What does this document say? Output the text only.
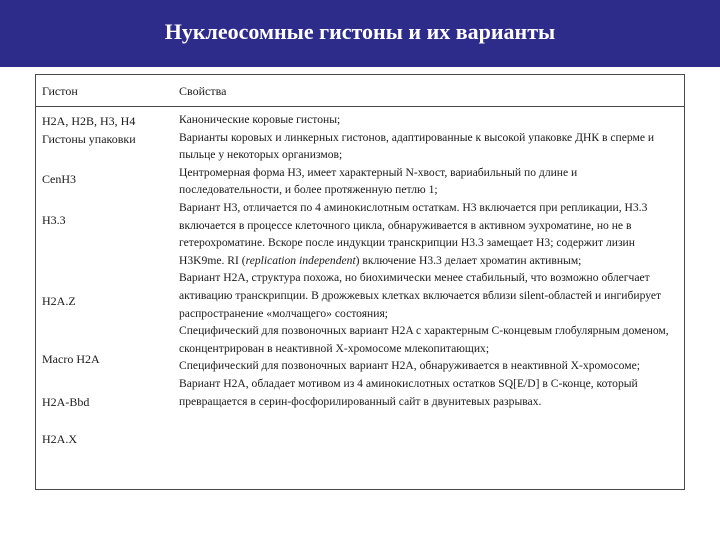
Нуклеосомные гистоны и их варианты
Гистон	Свойства
H2A, H2B, H3, H4
Гистоны упаковки
CenH3
H3.3
H2A.Z
Macro H2A
H2A-Bbd
H2A.X

Канонические коровые гистоны;

Варианты коровых и линкерных гистонов, адаптированные к высокой упаковке ДНК в сперме и пыльце у некоторых организмов;

Центромерная форма H3, имеет характерный N-хвост, вариабильный по длине и последовательности, и более протяженную петлю 1;

Вариант H3, отличается по 4 аминокислотным остаткам. H3 включается при репликации, H3.3 включается в процессе клеточного цикла, обнаруживается в активном эухроматине, но не в гетерохроматине. Вскоре после индукции транскрипции H3.3 замещает H3; содержит лизин H3K9me. RI (replication independent) включение H3.3 делает хроматин активным;

Вариант H2A, структура похожа, но биохимически менее стабильный, что возможно облегчает активацию транскрипции. В дрожжевых клетках включается вблизи silent-областей и ингибирует распространение «молчащего» состояния;

Специфический для позвоночных вариант H2A с характерным C-концевым глобулярным доменом, сконцентрирован в неактивной X-хромосоме млекопитающих;

Специфический для позвоночных вариант H2A, обнаруживается в неактивной X-хромосоме;

Вариант H2A, обладает мотивом из 4 аминокислотных остатков SQ[E/D] в C-конце, который превращается в серин-фосфорилированный сайт в двунитевых разрывах.
